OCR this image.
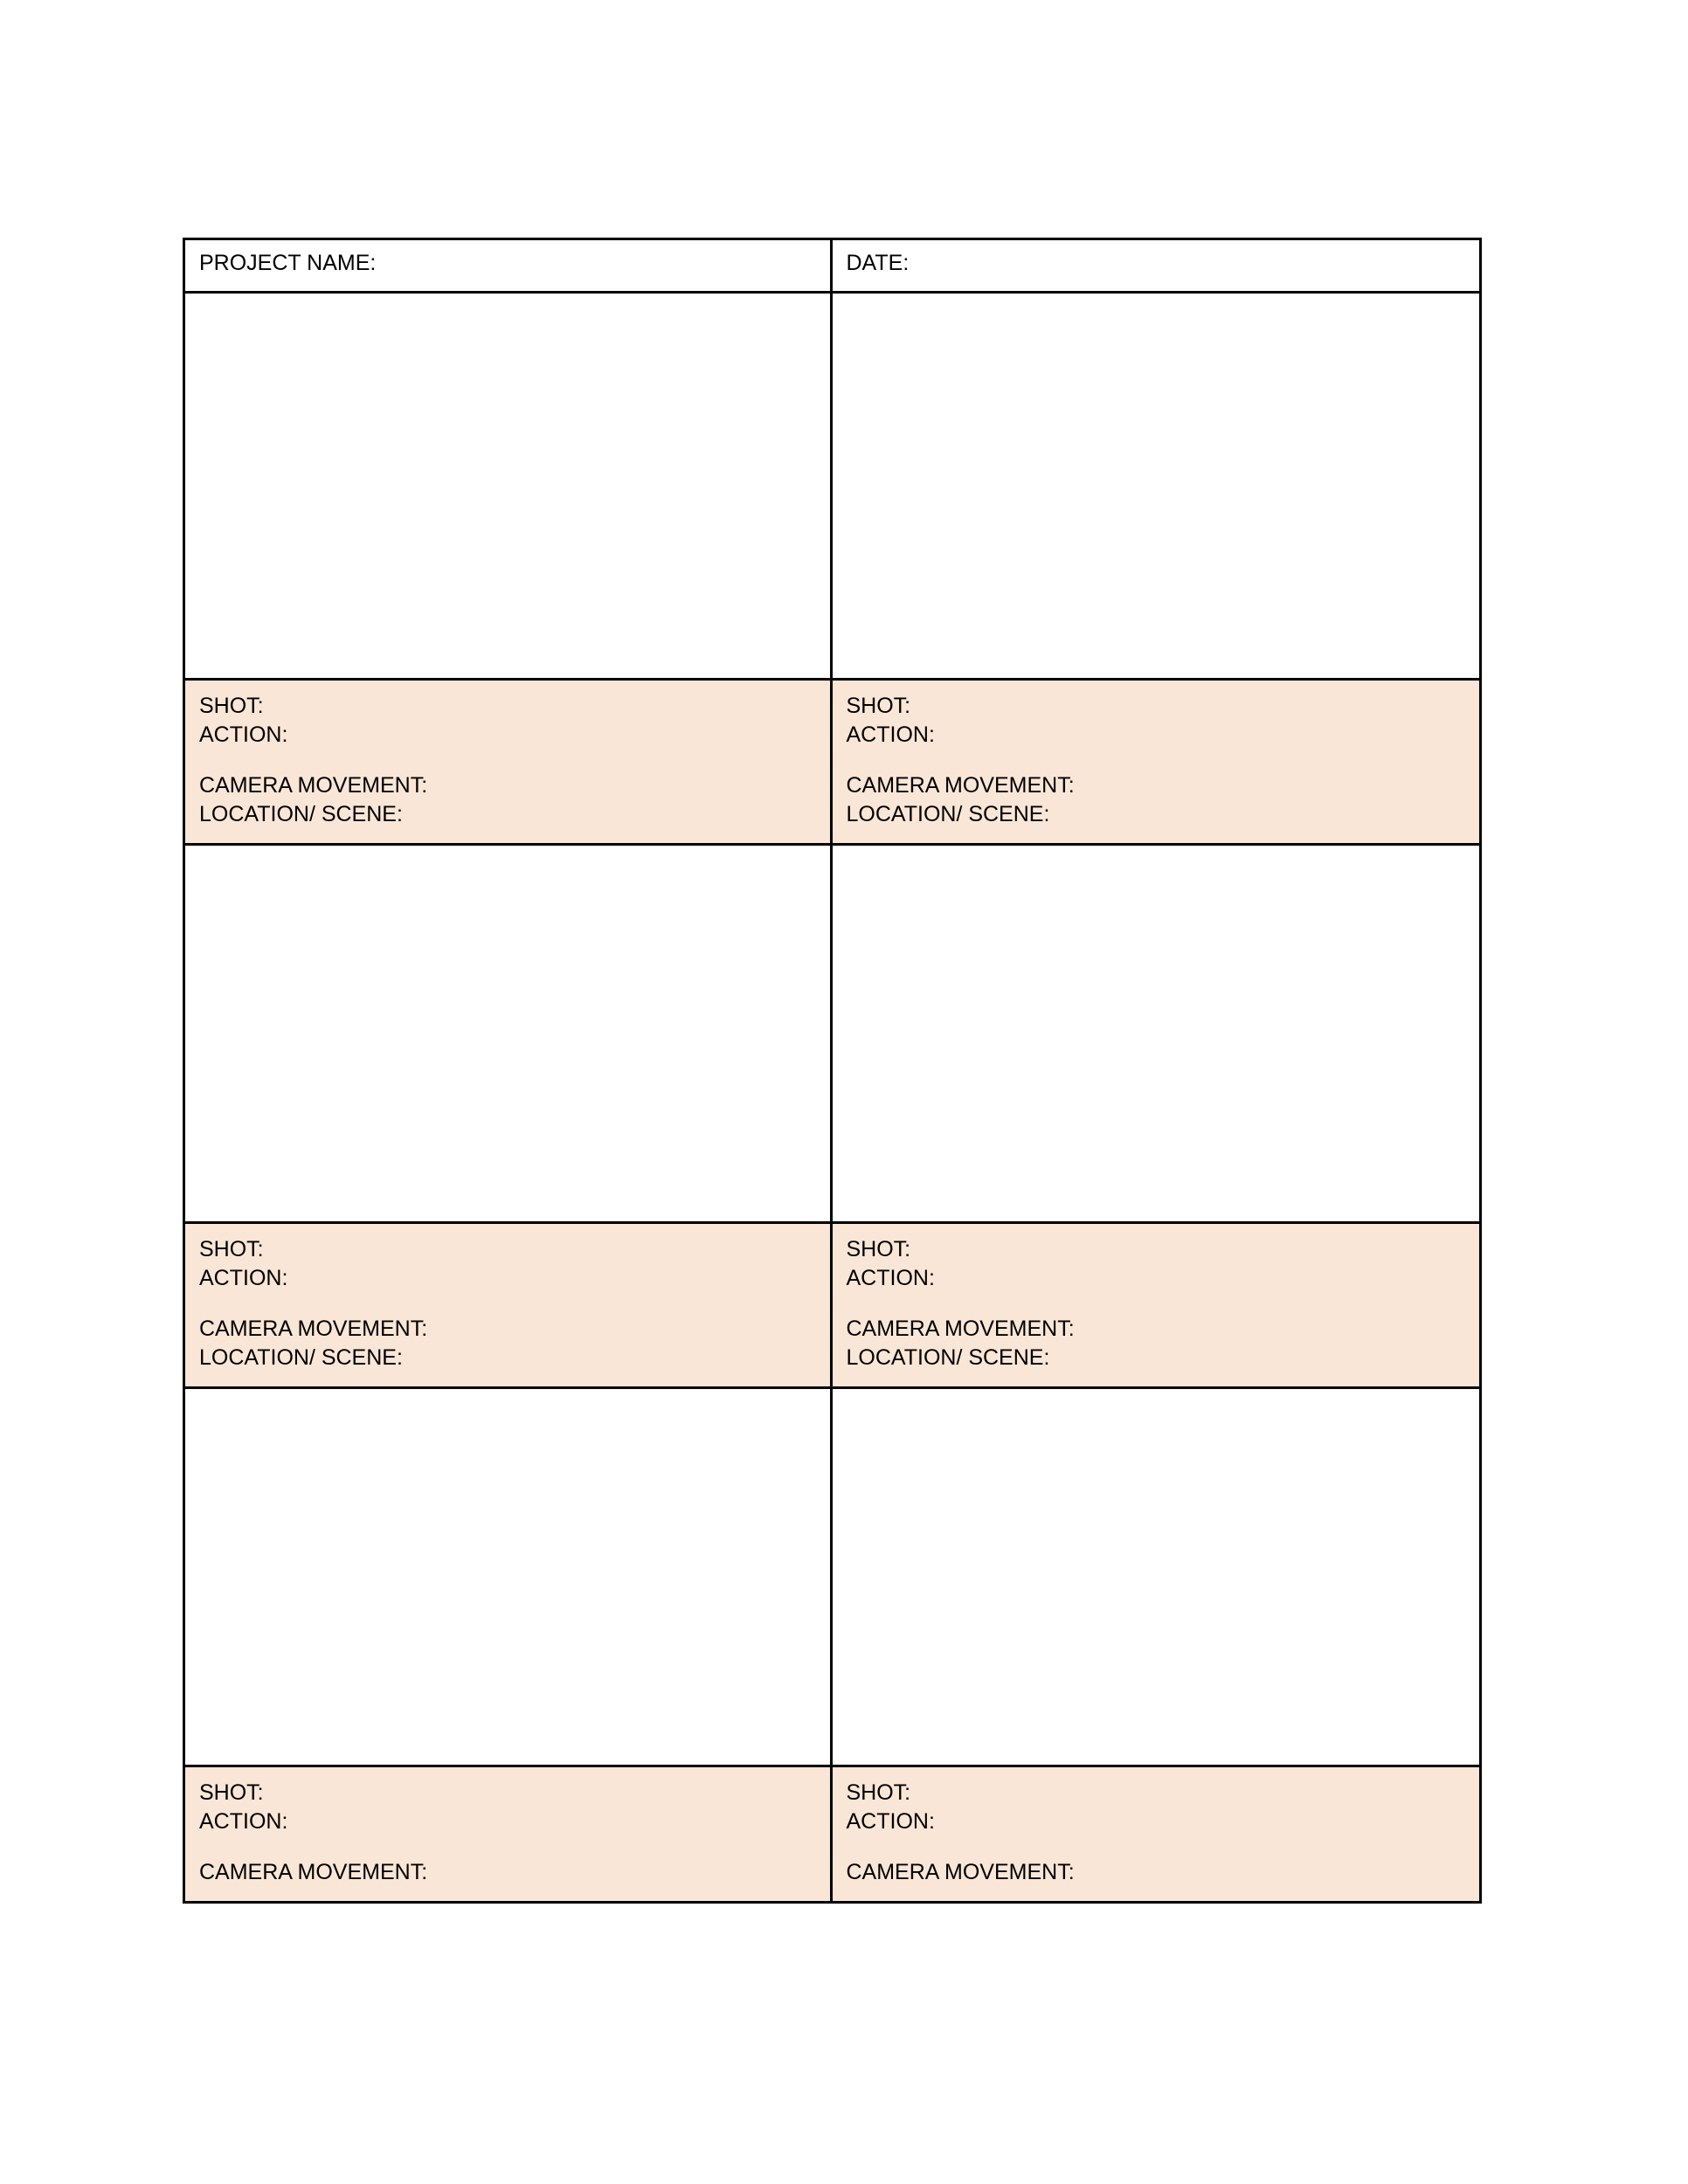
PROJECT NAME:	DATE:
SHOT:
ACTION:
CAMERA MOVEMENT:
LOCATION/ SCENE:
SHOT:
ACTION:
CAMERA MOVEMENT:
LOCATION/ SCENE:
SHOT:
ACTION:
CAMERA MOVEMENT:
LOCATION/ SCENE:
SHOT:
ACTION:
CAMERA MOVEMENT:
LOCATION/ SCENE:
SHOT:
ACTION:
CAMERA MOVEMENT:
SHOT:
ACTION:
CAMERA MOVEMENT:
